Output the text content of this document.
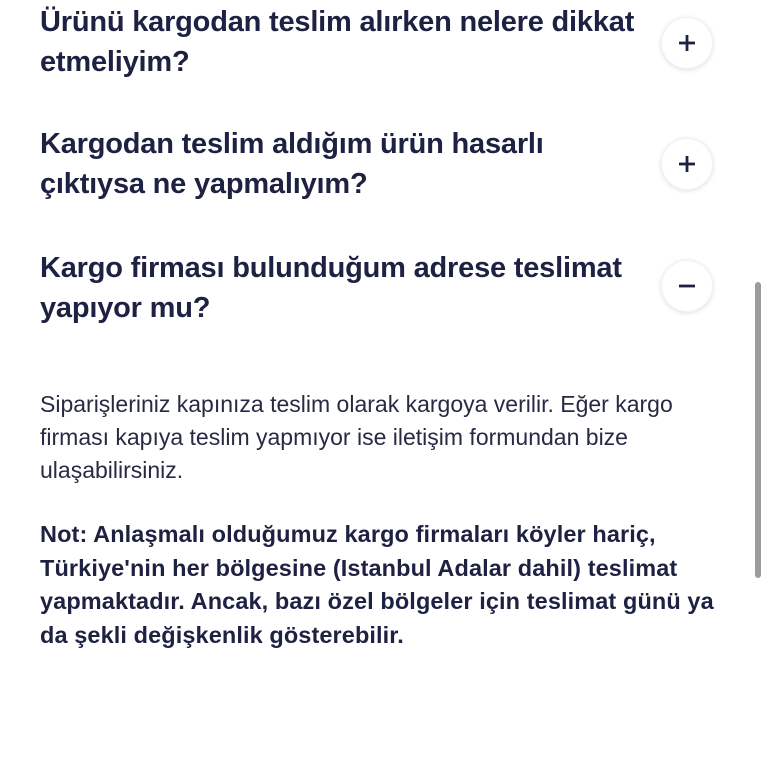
Ürünü kargodan teslim alırken nelere dikkat etmeliyim?
Kargodan teslim aldığım ürün hasarlı çıktıysa ne yapmalıyım?
Kargo firması bulunduğum adrese teslimat yapıyor mu?

Siparişleriniz kapınıza teslim olarak kargoya verilir. Eğer kargo firması kapıya teslim yapmıyor ise iletişim formundan bize ulaşabilirsiniz.

Not: Anlaşmalı olduğumuz kargo firmaları köyler hariç, Türkiye'nin her bölgesine (Istanbul Adalar dahil) teslimat yapmaktadır. Ancak, bazı özel bölgeler için teslimat günü ya da şekli değişkenlik gösterebilir.
